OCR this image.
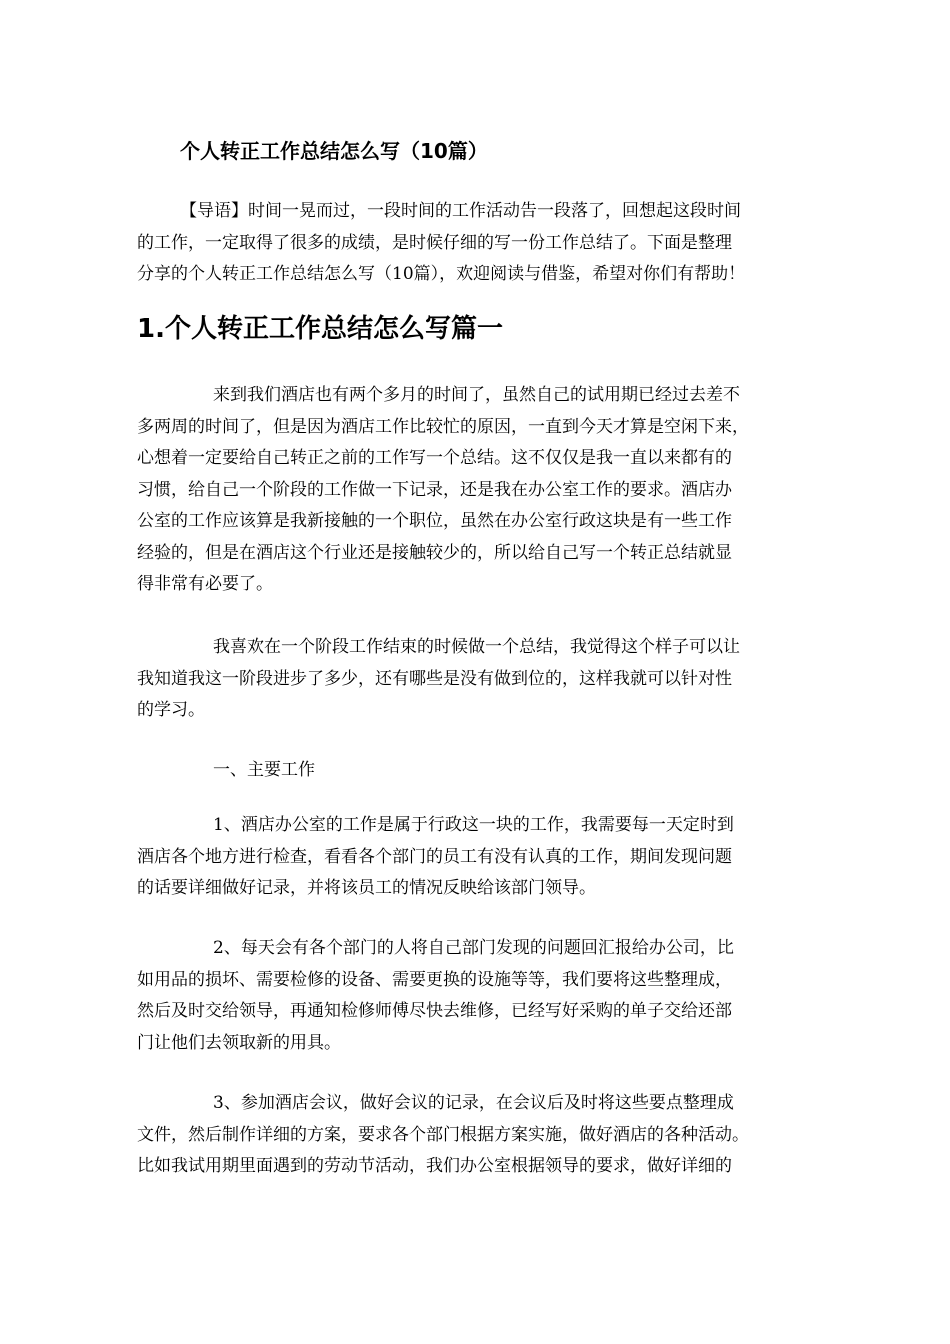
个人转正工作总结怎么写（10篇）
【导语】时间一晃而过，一段时间的工作活动告一段落了，回想起这段时间
的工作，一定取得了很多的成绩，是时候仔细的写一份工作总结了。下面是整理
分享的个人转正工作总结怎么写（10篇），欢迎阅读与借鉴，希望对你们有帮助！
1.个人转正工作总结怎么写篇一
来到我们酒店也有两个多月的时间了，虽然自己的试用期已经过去差不
多两周的时间了，但是因为酒店工作比较忙的原因，一直到今天才算是空闲下来，
心想着一定要给自己转正之前的工作写一个总结。这不仅仅是我一直以来都有的
习惯，给自己一个阶段的工作做一下记录，还是我在办公室工作的要求。酒店办
公室的工作应该算是我新接触的一个职位，虽然在办公室行政这块是有一些工作
经验的，但是在酒店这个行业还是接触较少的，所以给自己写一个转正总结就显
得非常有必要了。
我喜欢在一个阶段工作结束的时候做一个总结，我觉得这个样子可以让
我知道我这一阶段进步了多少，还有哪些是没有做到位的，这样我就可以针对性
的学习。
一、主要工作
1、酒店办公室的工作是属于行政这一块的工作，我需要每一天定时到
酒店各个地方进行检查，看看各个部门的员工有没有认真的工作，期间发现问题
的话要详细做好记录，并将该员工的情况反映给该部门领导。
2、每天会有各个部门的人将自己部门发现的问题回汇报给办公司，比
如用品的损坏、需要检修的设备、需要更换的设施等等，我们要将这些整理成，
然后及时交给领导，再通知检修师傅尽快去维修，已经写好采购的单子交给还部
门让他们去领取新的用具。
3、参加酒店会议，做好会议的记录，在会议后及时将这些要点整理成
文件，然后制作详细的方案，要求各个部门根据方案实施，做好酒店的各种活动。
比如我试用期里面遇到的劳动节活动，我们办公室根据领导的要求，做好详细的
